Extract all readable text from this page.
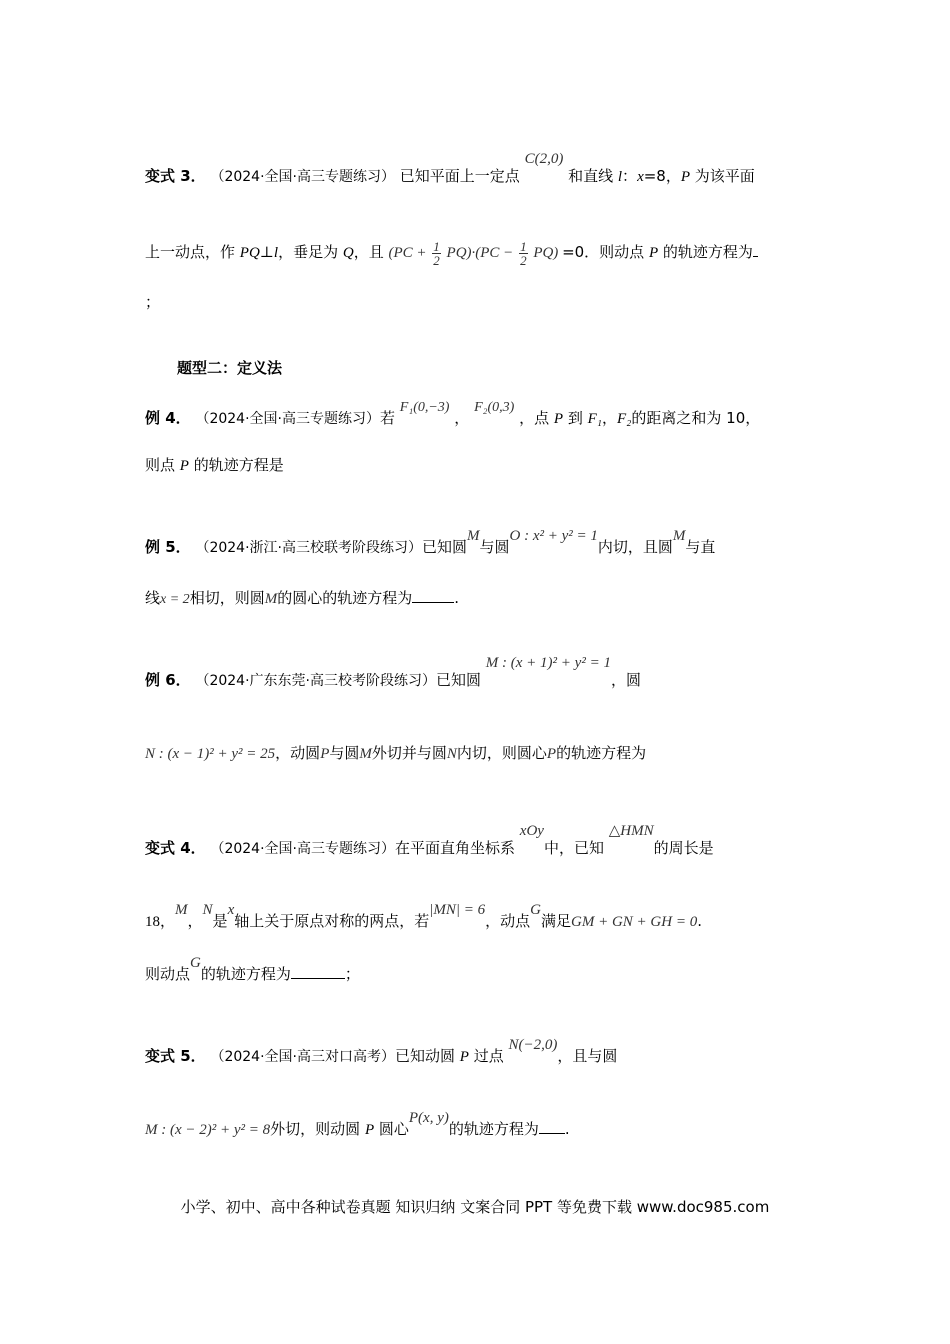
变式 3． （2024·全国·高三专题练习） 已知平面上一定点 C(2,0) 和直线 l：x=8，P 为该平面
上一动点，作 PQ⊥l，垂足为 Q，且 $(PC + \frac{1}{2} PQ)\cdot(PC - \frac{1}{2} PQ) =0$．则动点 P 的轨迹方程为
；
题型二：定义法
例 4． （2024·全国·高三专题练习）若 F₁(0,−3) ， F₂(0,3) ，点 P 到 F₁，F₂的距离之和为 10，
则点 P 的轨迹方程是
例 5． （2024·浙江·高三校联考阶段练习）已知圆M与圆O : x² + y² = 1内切，且圆M与直
线x = 2相切，则圆M的圆心的轨迹方程为	.
例 6． （2024·广东东莞·高三校考阶段练习）已知圆 M : (x + 1)² + y² = 1，圆
N : (x − 1)² + y² = 25，动圆P与圆M外切并与圆N内切，则圆心P的轨迹方程为
变式 4． （2024·全国·高三专题练习）在平面直角坐标系 xOy中，已知 △HMN的周长是
18，M，N是x轴上关于原点对称的两点，若|MN| = 6，动点G满足GM + GN + GH = 0.
则动点G的轨迹方程为	；
变式 5． （2024·全国·高三对口高考）已知动圆 P 过点 N(−2,0)，且与圆
M : (x − 2)² + y² = 8外切，则动圆 P 圆心P(x, y)的轨迹方程为 .
小学、初中、高中各种试卷真题 知识归纳 文案合同 PPT 等免费下载 www.doc985.com
